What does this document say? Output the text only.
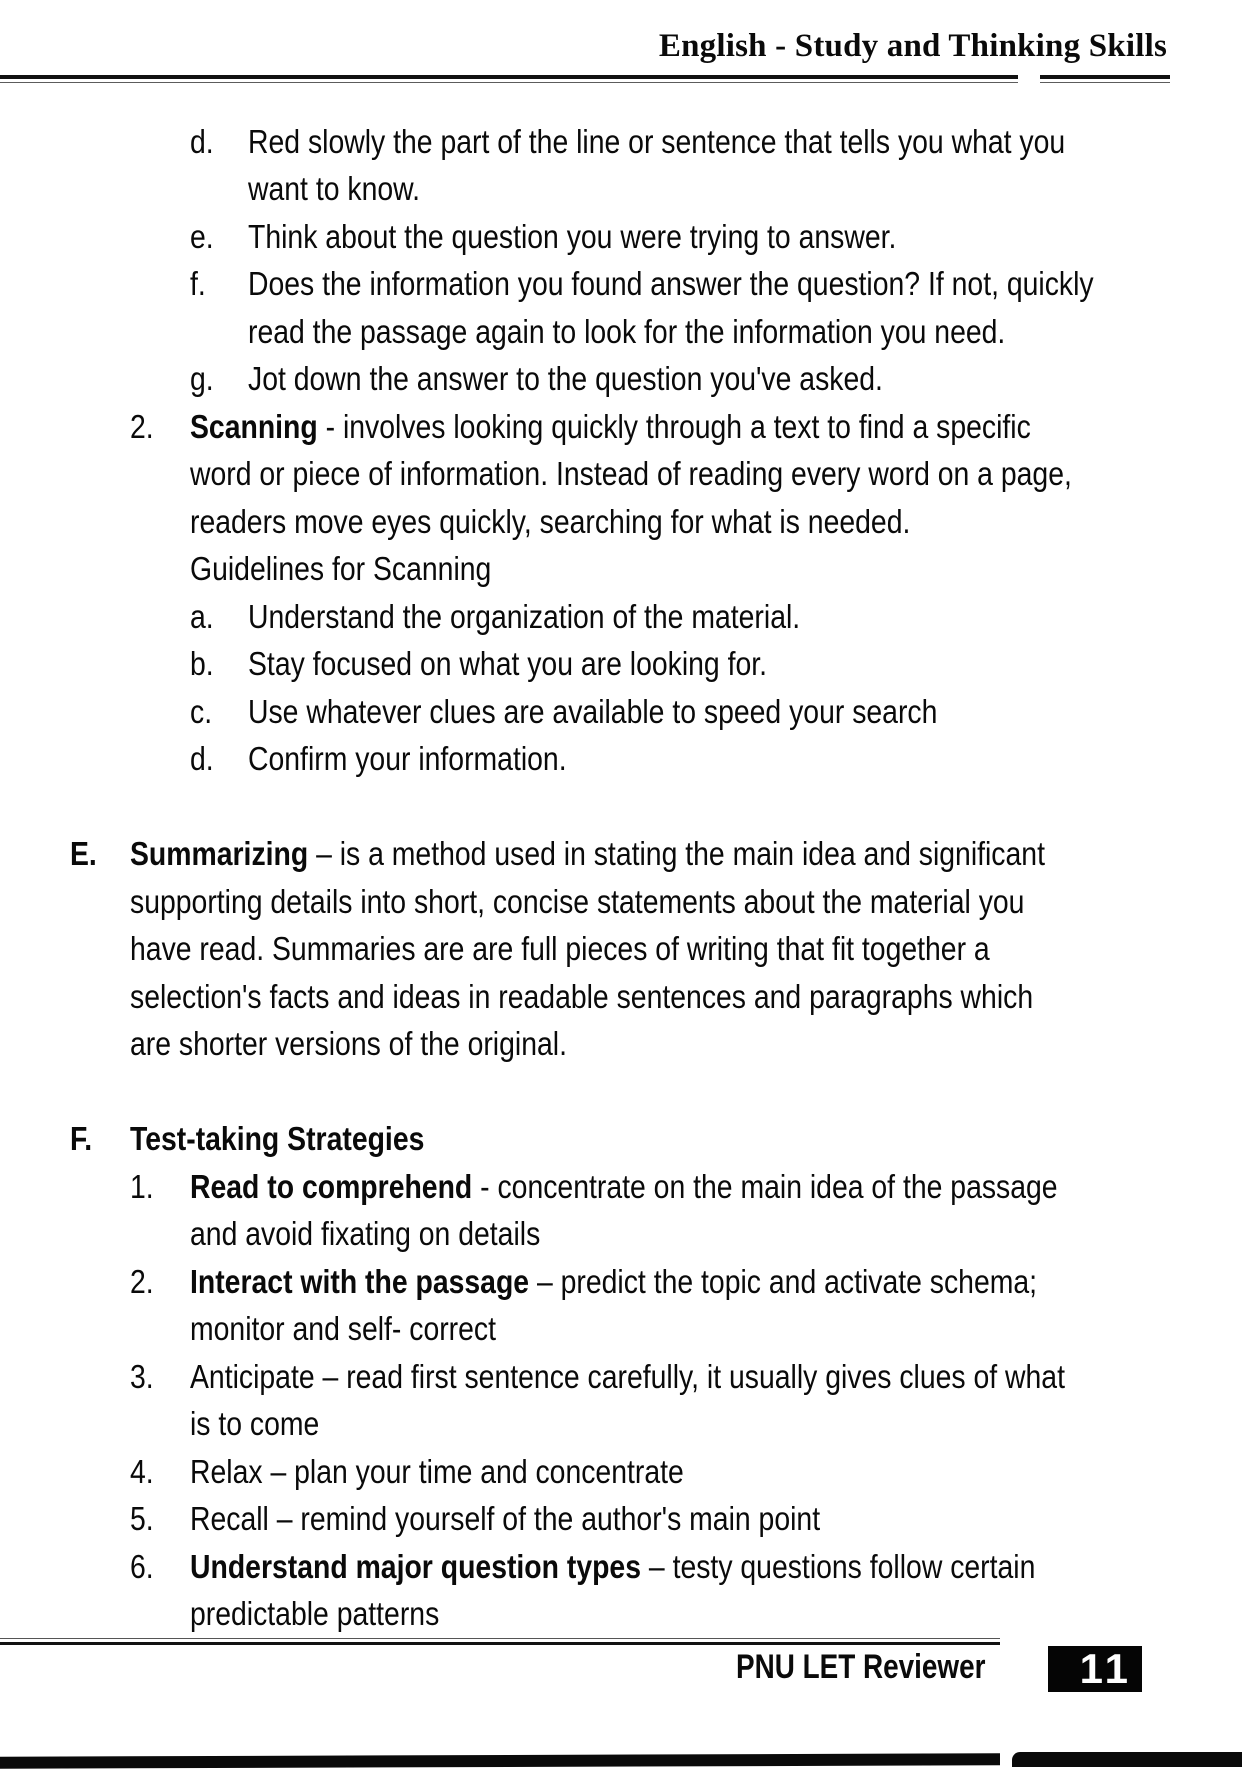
English - Study and Thinking Skills
d. Red slowly the part of the line or sentence that tells you what you
want to know.
e. Think about the question you were trying to answer.
f. Does the information you found answer the question? If not, quickly
read the passage again to look for the information you need.
g. Jot down the answer to the question you've asked.
2. Scanning - involves looking quickly through a text to find a specific
word or piece of information. Instead of reading every word on a page,
readers move eyes quickly, searching for what is needed.
Guidelines for Scanning
a. Understand the organization of the material.
b. Stay focused on what you are looking for.
c. Use whatever clues are available to speed your search
d. Confirm your information.
E. Summarizing – is a method used in stating the main idea and significant
supporting details into short, concise statements about the material you
have read. Summaries are are full pieces of writing that fit together a
selection's facts and ideas in readable sentences and paragraphs which
are shorter versions of the original.
F. Test-taking Strategies
1. Read to comprehend - concentrate on the main idea of the passage
and avoid fixating on details
2. Interact with the passage – predict the topic and activate schema;
monitor and self- correct
3. Anticipate – read first sentence carefully, it usually gives clues of what
is to come
4. Relax – plan your time and concentrate
5. Recall – remind yourself of the author's main point
6. Understand major question types – testy questions follow certain
predictable patterns
PNU LET Reviewer	11
